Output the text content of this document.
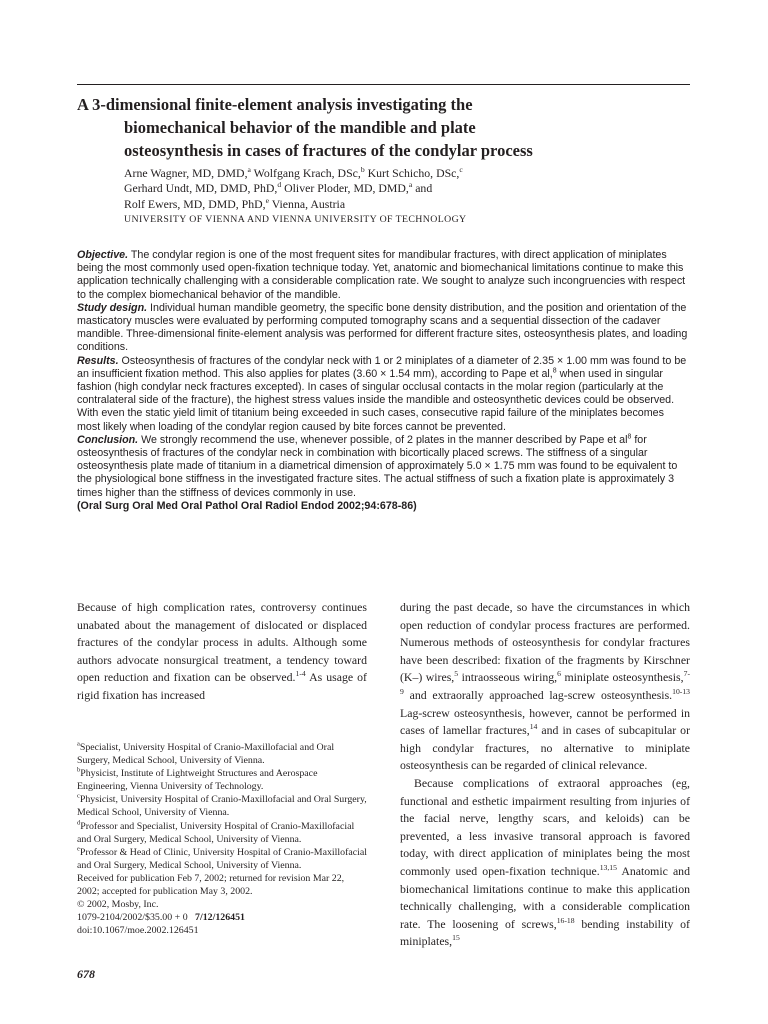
A 3-dimensional finite-element analysis investigating the
biomechanical behavior of the mandible and plate
osteosynthesis in cases of fractures of the condylar process
Arne Wagner, MD, DMD,$^a$ Wolfgang Krach, DSc,$^b$ Kurt Schicho, DSc,$^c$
Gerhard Undt, MD, DMD, PhD,$^d$ Oliver Ploder, MD, DMD,$^a$ and
Rolf Ewers, MD, DMD, PhD,$^e$ Vienna, Austria
UNIVERSITY OF VIENNA AND VIENNA UNIVERSITY OF TECHNOLOGY

Objective. The condylar region is one of the most frequent sites for mandibular fractures, with direct application of miniplates being the most commonly used open-fixation technique today. Yet, anatomic and biomechanical limitations continue to make this application technically challenging with a considerable complication rate. We sought to analyze such incongruencies with respect to the complex biomechanical behavior of the mandible.

Study design. Individual human mandible geometry, the specific bone density distribution, and the position and orientation of the masticatory muscles were evaluated by performing computed tomography scans and a sequential dissection of the cadaver mandible. Three-dimensional finite-element analysis was performed for different fracture sites, osteosynthesis plates, and loading conditions.

Results. Osteosynthesis of fractures of the condylar neck with 1 or 2 miniplates of a diameter of 2.35 × 1.00 mm was found to be an insufficient fixation method. This also applies for plates (3.60 × 1.54 mm), according to Pape et al,$^8$ when used in singular fashion (high condylar neck fractures excepted). In cases of singular occlusal contacts in the molar region (particularly at the contralateral side of the fracture), the highest stress values inside the mandible and osteosynthetic devices could be observed. With even the static yield limit of titanium being exceeded in such cases, consecutive rapid failure of the miniplates becomes most likely when loading of the condylar region caused by bite forces cannot be prevented.

Conclusion. We strongly recommend the use, whenever possible, of 2 plates in the manner described by Pape et $al^8$ for osteosynthesis of fractures of the condylar neck in combination with bicortically placed screws. The stiffness of a singular osteosynthesis plate made of titanium in a diametrical dimension of approximately 5.0 × 1.75 mm was found to be equivalent to the physiological bone stiffness in the investigated fracture sites. The actual stiffness of such a fixation plate is approximately 3 times higher than the stiffness of devices commonly in use.

(Oral Surg Oral Med Oral Pathol Oral Radiol Endod 2002;94:678-86)

Because of high complication rates, controversy continues unabated about the management of dislocated or displaced fractures of the condylar process in adults. Although some authors advocate nonsurgical treatment, a tendency toward open reduction and fixation can be observed.$^{1-4}$ As usage of rigid fixation has increased

$^a$Specialist, University Hospital of Cranio-Maxillofacial and Oral Surgery, Medical School, University of Vienna.

$^b$Physicist, Institute of Lightweight Structures and Aerospace Engineering, Vienna University of Technology.

$^c$Physicist, University Hospital of Cranio-Maxillofacial and Oral Surgery, Medical School, University of Vienna.

$^d$Professor and Specialist, University Hospital of Cranio-Maxillofacial and Oral Surgery, Medical School, University of Vienna.

$^e$Professor & Head of Clinic, University Hospital of Cranio-Maxillofacial and Oral Surgery, Medical School, University of Vienna.

Received for publication Feb 7, 2002; returned for revision Mar 22, 2002; accepted for publication May 3, 2002.

© 2002, Mosby, Inc.

1079-2104/2002/$35.00 + 0 7/12/126451

doi:10.1067/moe.2002.126451

during the past decade, so have the circumstances in which open reduction of condylar process fractures are performed. Numerous methods of osteosynthesis for condylar fractures have been described: fixation of the fragments by Kirschner (K–) wires,$^5$ intraosseous wiring,$^6$ miniplate osteosynthesis,$^{7-9}$ and extraorally approached lag-screw osteosynthesis.$^{10-13}$ Lag-screw osteosynthesis, however, cannot be performed in cases of lamellar fractures,$^{14}$ and in cases of subcapitular or high condylar fractures, no alternative to miniplate osteosynthesis can be regarded of clinical relevance.

Because complications of extraoral approaches (eg, functional and esthetic impairment resulting from injuries of the facial nerve, lengthy scars, and keloids) can be prevented, a less invasive transoral approach is favored today, with direct application of miniplates being the most commonly used open-fixation technique.$^{13,15}$ Anatomic and biomechanical limitations continue to make this application technically challenging, with a considerable complication rate. The loosening of screws,$^{16-18}$ bending instability of miniplates,$^{15}$

678
